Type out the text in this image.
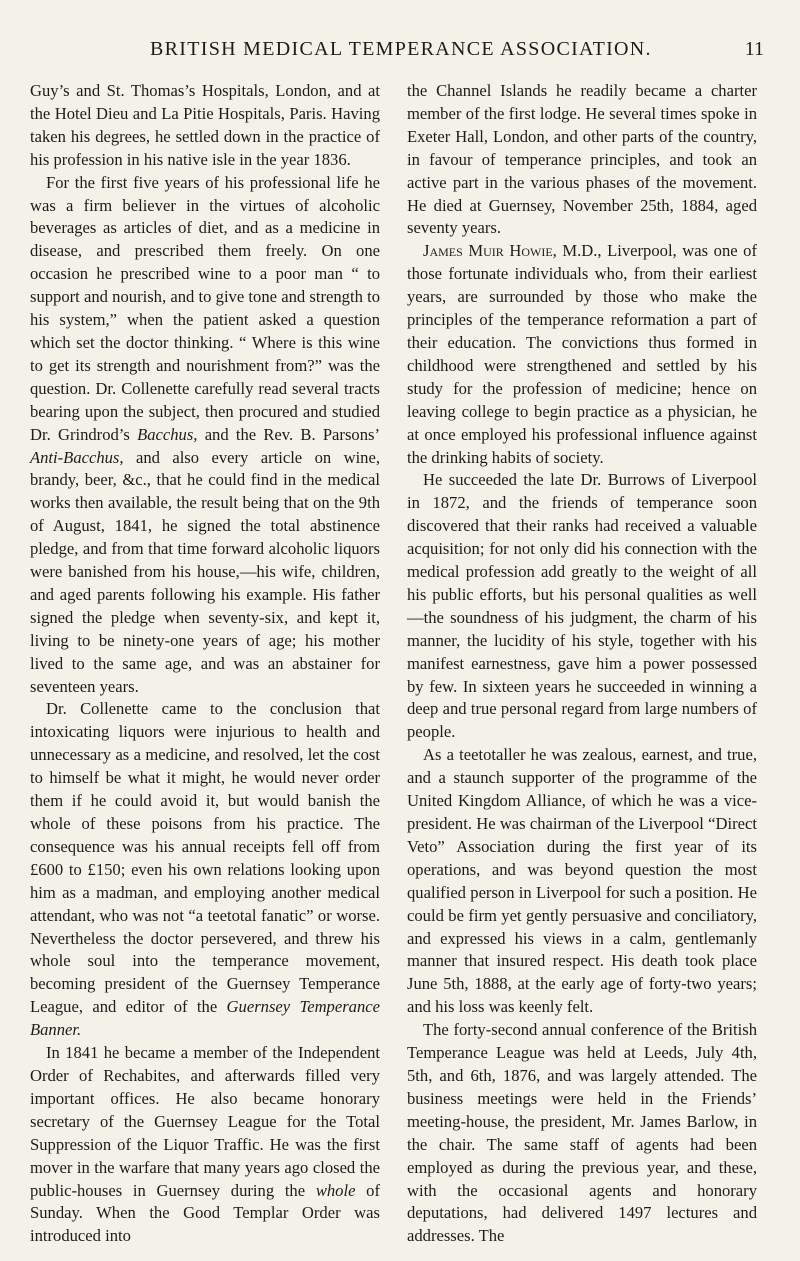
BRITISH MEDICAL TEMPERANCE ASSOCIATION.	11

Guy’s and St. Thomas’s Hospitals, London, and at the Hotel Dieu and La Pitie Hospitals, Paris. Having taken his degrees, he settled down in the practice of his profession in his native isle in the year 1836.

For the first five years of his professional life he was a firm believer in the virtues of alcoholic beverages as articles of diet, and as a medicine in disease, and prescribed them freely. On one occasion he prescribed wine to a poor man “ to support and nourish, and to give tone and strength to his system,” when the patient asked a question which set the doctor thinking. “ Where is this wine to get its strength and nourishment from?” was the question. Dr. Collenette carefully read several tracts bearing upon the subject, then procured and studied Dr. Grindrod’s Bacchus, and the Rev. B. Parsons’ Anti-Bacchus, and also every article on wine, brandy, beer, &c., that he could find in the medical works then available, the result being that on the 9th of August, 1841, he signed the total abstinence pledge, and from that time forward alcoholic liquors were banished from his house,—his wife, children, and aged parents following his example. His father signed the pledge when seventy-six, and kept it, living to be ninety-one years of age; his mother lived to the same age, and was an abstainer for seventeen years.

Dr. Collenette came to the conclusion that intoxicating liquors were injurious to health and unnecessary as a medicine, and resolved, let the cost to himself be what it might, he would never order them if he could avoid it, but would banish the whole of these poisons from his practice. The consequence was his annual receipts fell off from £600 to £150; even his own relations looking upon him as a madman, and employing another medical attendant, who was not “a teetotal fanatic” or worse. Nevertheless the doctor persevered, and threw his whole soul into the temperance movement, becoming president of the Guernsey Temperance League, and editor of the Guernsey Temperance Banner.

In 1841 he became a member of the Independent Order of Rechabites, and afterwards filled very important offices. He also became honorary secretary of the Guernsey League for the Total Suppression of the Liquor Traffic. He was the first mover in the warfare that many years ago closed the public-houses in Guernsey during the whole of Sunday. When the Good Templar Order was introduced into

the Channel Islands he readily became a charter member of the first lodge. He several times spoke in Exeter Hall, London, and other parts of the country, in favour of temperance principles, and took an active part in the various phases of the movement. He died at Guernsey, November 25th, 1884, aged seventy years.

James Muir Howie, M.D., Liverpool, was one of those fortunate individuals who, from their earliest years, are surrounded by those who make the principles of the temperance reformation a part of their education. The convictions thus formed in childhood were strengthened and settled by his study for the profession of medicine; hence on leaving college to begin practice as a physician, he at once employed his professional influence against the drinking habits of society.

He succeeded the late Dr. Burrows of Liverpool in 1872, and the friends of temperance soon discovered that their ranks had received a valuable acquisition; for not only did his connection with the medical profession add greatly to the weight of all his public efforts, but his personal qualities as well—the soundness of his judgment, the charm of his manner, the lucidity of his style, together with his manifest earnestness, gave him a power possessed by few. In sixteen years he succeeded in winning a deep and true personal regard from large numbers of people.

As a teetotaller he was zealous, earnest, and true, and a staunch supporter of the programme of the United Kingdom Alliance, of which he was a vice-president. He was chairman of the Liverpool “Direct Veto” Association during the first year of its operations, and was beyond question the most qualified person in Liverpool for such a position. He could be firm yet gently persuasive and conciliatory, and expressed his views in a calm, gentlemanly manner that insured respect. His death took place June 5th, 1888, at the early age of forty-two years; and his loss was keenly felt.

The forty-second annual conference of the British Temperance League was held at Leeds, July 4th, 5th, and 6th, 1876, and was largely attended. The business meetings were held in the Friends’ meeting-house, the president, Mr. James Barlow, in the chair. The same staff of agents had been employed as during the previous year, and these, with the occasional agents and honorary deputations, had delivered 1497 lectures and addresses. The
